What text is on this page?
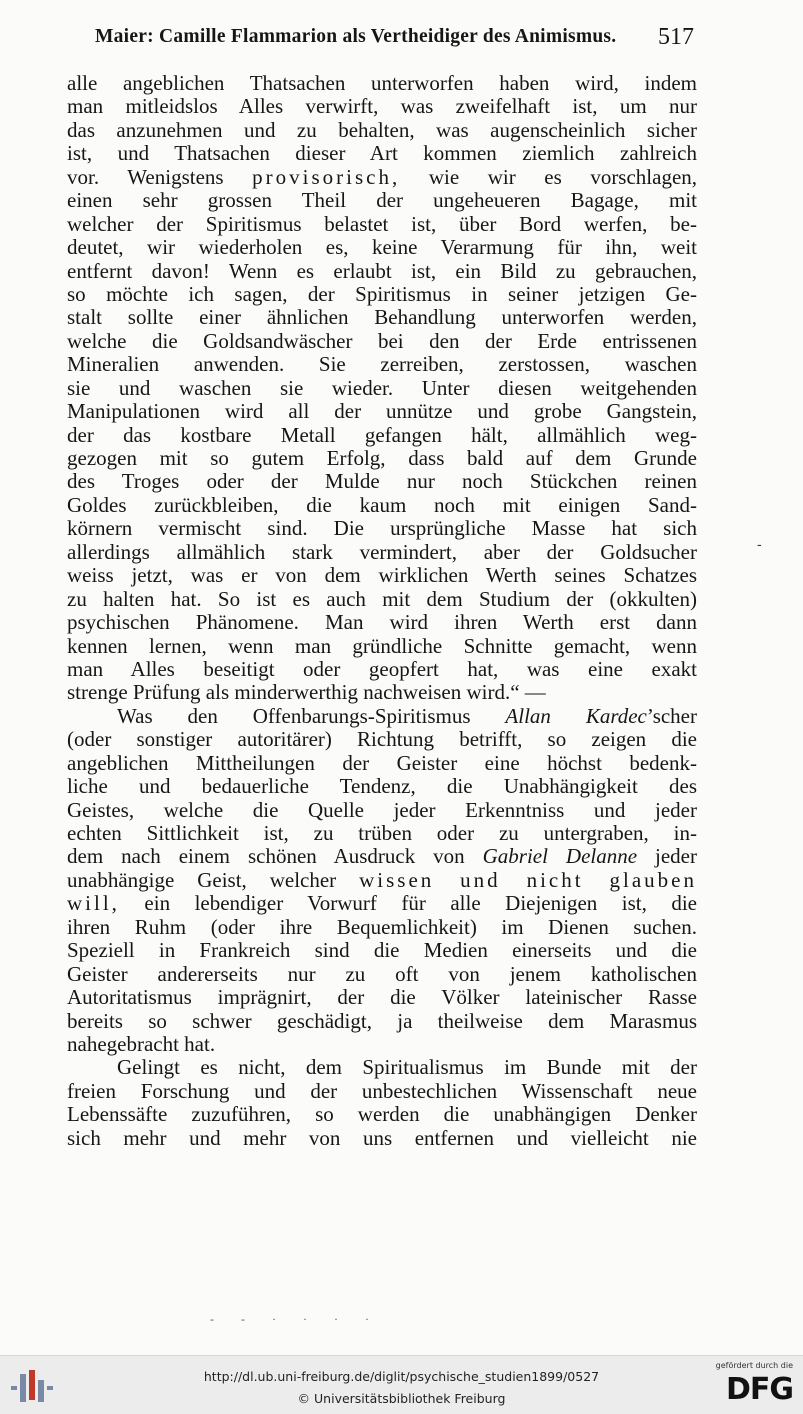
Maier: Camille Flammarion als Vertheidiger des Animismus. 517
alle angeblichen Thatsachen unterworfen haben wird, indem
man mitleidslos Alles verwirft, was zweifelhaft ist, um nur
das anzunehmen und zu behalten, was augenscheinlich sicher
ist, und Thatsachen dieser Art kommen ziemlich zahlreich
vor. Wenigstens provisorisch, wie wir es vorschlagen,
einen sehr grossen Theil der ungeheueren Bagage, mit
welcher der Spiritismus belastet ist, über Bord werfen, be-
deutet, wir wiederholen es, keine Verarmung für ihn, weit
entfernt davon! Wenn es erlaubt ist, ein Bild zu gebrauchen,
so möchte ich sagen, der Spiritismus in seiner jetzigen Ge-
stalt sollte einer ähnlichen Behandlung unterworfen werden,
welche die Goldsandwäscher bei den der Erde entrissenen
Mineralien anwenden. Sie zerreiben, zerstossen, waschen
sie und waschen sie wieder. Unter diesen weitgehenden
Manipulationen wird all der unnütze und grobe Gangstein,
der das kostbare Metall gefangen hält, allmählich weg-
gezogen mit so gutem Erfolg, dass bald auf dem Grunde
des Troges oder der Mulde nur noch Stückchen reinen
Goldes zurückbleiben, die kaum noch mit einigen Sand-
körnern vermischt sind. Die ursprüngliche Masse hat sich
allerdings allmählich stark vermindert, aber der Goldsucher
weiss jetzt, was er von dem wirklichen Werth seines Schatzes
zu halten hat. So ist es auch mit dem Studium der (okkulten)
psychischen Phänomene. Man wird ihren Werth erst dann
kennen lernen, wenn man gründliche Schnitte gemacht, wenn
man Alles beseitigt oder geopfert hat, was eine exakt
strenge Prüfung als minderwerthig nachweisen wird.“ —
Was den Offenbarungs-Spiritismus Allan Kardec’scher
(oder sonstiger autoritärer) Richtung betrifft, so zeigen die
angeblichen Mittheilungen der Geister eine höchst bedenk-
liche und bedauerliche Tendenz, die Unabhängigkeit des
Geistes, welche die Quelle jeder Erkenntniss und jeder
echten Sittlichkeit ist, zu trüben oder zu untergraben, in-
dem nach einem schönen Ausdruck von Gabriel Delanne jeder
unabhängige Geist, welcher wissen und nicht glauben
will, ein lebendiger Vorwurf für alle Diejenigen ist, die
ihren Ruhm (oder ihre Bequemlichkeit) im Dienen suchen.
Speziell in Frankreich sind die Medien einerseits und die
Geister andererseits nur zu oft von jenem katholischen
Autoritatismus imprägnirt, der die Völker lateinischer Rasse
bereits so schwer geschädigt, ja theilweise dem Marasmus
nahegebracht hat.
Gelingt es nicht, dem Spiritualismus im Bunde mit der
freien Forschung und der unbestechlichen Wissenschaft neue
Lebenssäfte zuzuführen, so werden die unabhängigen Denker
sich mehr und mehr von uns entfernen und vielleicht nie
-
- - · · · ·
http://dl.ub.uni-freiburg.de/diglit/psychische_studien1899/0527
© Universitätsbibliothek Freiburg
gefördert durch die
DFG
